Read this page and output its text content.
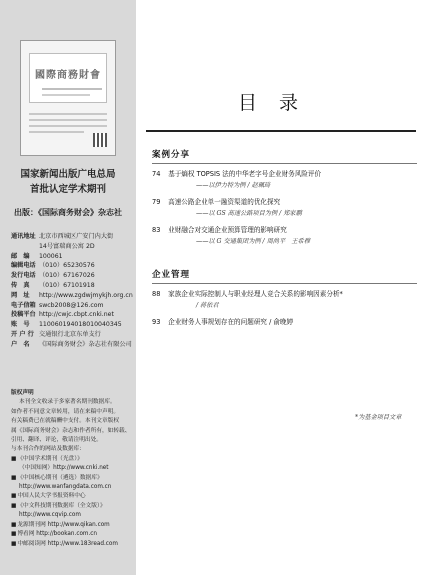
國際商務財會
国家新闻出版广电总局
首批认定学术期刊
出版：《国际商务财会》杂志社
通讯地址 北京市西城区广安门内大街
14号富瑞商公寓 2D
邮　编	100061
编辑电话 （010）65230576
发行电话 （010）67167026
传　真	（010）67101918
网　址	http://www.zgdwjmykjh.org.cn
电子信箱 swcb2008@126.com
投稿平台 http://cwjc.cbpt.cnki.net
账　号	110060194018010040345
开 户 行 交通银行北京东单支行
户　名	《国际商务财会》杂志社有限公司
版权声明
本刊全文收录于多家著名期刊数据库。
如作者不同意文章转用，请在来稿中声明。
有关稿费已在就稿酬中支付。本刊文章版权
属《国际商务财会》杂志和作者所有，如转载、
引用、翻译、评论，敬请注明出处。
与本刊合作的网站及数据库：
■ 《中国学术期刊（光盘）》
（中国知网）http://www.cnki.net
■ 《中国核心期刊（遴选）数据库》
http://www.wanfangdata.com.cn
■ 中国人民大学书报资料中心
■ 《中文科技期刊数据库（全文版）》
http://www.cqvip.com
■ 龙源期刊网 http://www.qikan.com
■ 博看网 http://bookan.com.cn
■ 中邮阅读网 http://www.183read.com
目录
案例分享
74 基于熵权 TOPSIS 法的中华老字号企业财务风险评价
——以伊力特为例 / 赵珮琦
79 高速公路企业单一融资渠道的优化探究
——以 GS 高速公路项目为例 / 郑家鹏
83 业财融合对交通企业预算管理的影响研究
——以 G 交通集团为例 / 周尚平　王希穆
企业管理
88 家族企业实际控制人与职业经理人竞合关系的影响因素分析*
/ 蒋依君
93 企业财务人事规划存在的问题研究 / 俞晚婷
*为基金项目文章
